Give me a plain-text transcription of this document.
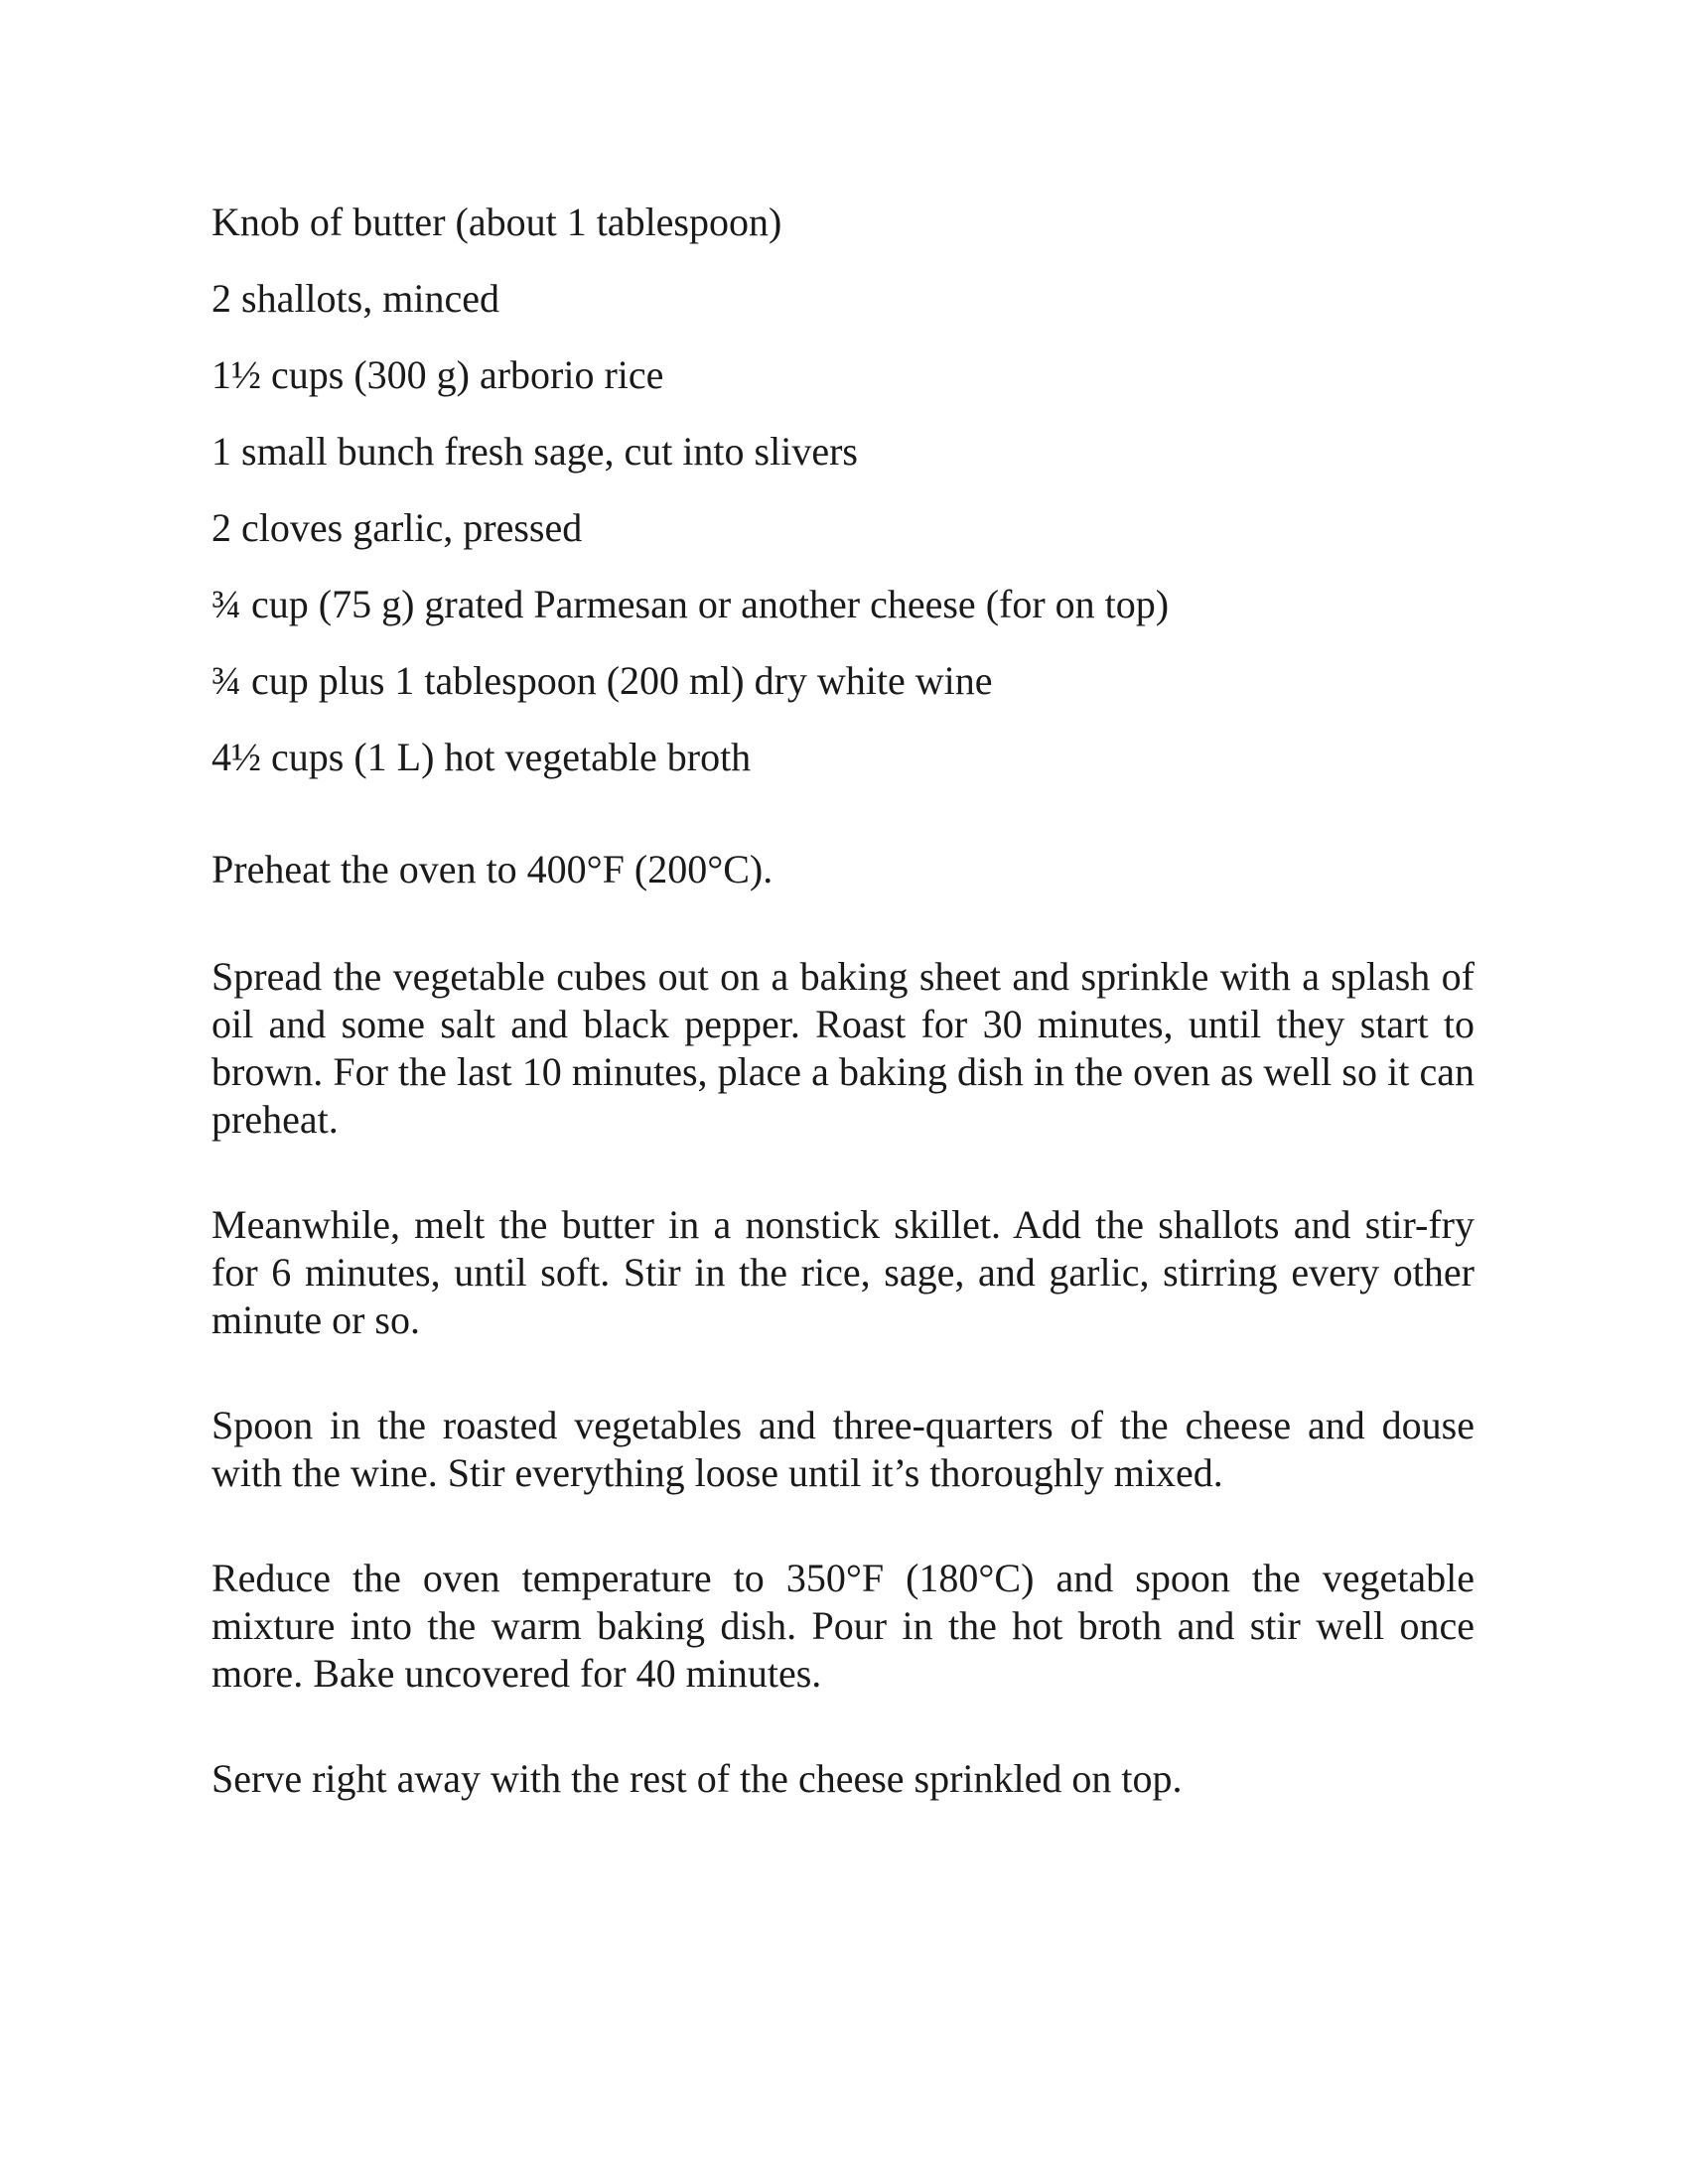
Knob of butter (about 1 tablespoon)
2 shallots, minced
1½ cups (300 g) arborio rice
1 small bunch fresh sage, cut into slivers
2 cloves garlic, pressed
¾ cup (75 g) grated Parmesan or another cheese (for on top)
¾ cup plus 1 tablespoon (200 ml) dry white wine
4½ cups (1 L) hot vegetable broth

Preheat the oven to 400°F (200°C).

Spread the vegetable cubes out on a baking sheet and sprinkle with a splash of oil and some salt and black pepper. Roast for 30 minutes, until they start to brown. For the last 10 minutes, place a baking dish in the oven as well so it can preheat.

Meanwhile, melt the butter in a nonstick skillet. Add the shallots and stir-fry for 6 minutes, until soft. Stir in the rice, sage, and garlic, stirring every other minute or so.

Spoon in the roasted vegetables and three-quarters of the cheese and douse with the wine. Stir everything loose until it’s thoroughly mixed.

Reduce the oven temperature to 350°F (180°C) and spoon the vegetable mixture into the warm baking dish. Pour in the hot broth and stir well once more. Bake uncovered for 40 minutes.

Serve right away with the rest of the cheese sprinkled on top.
